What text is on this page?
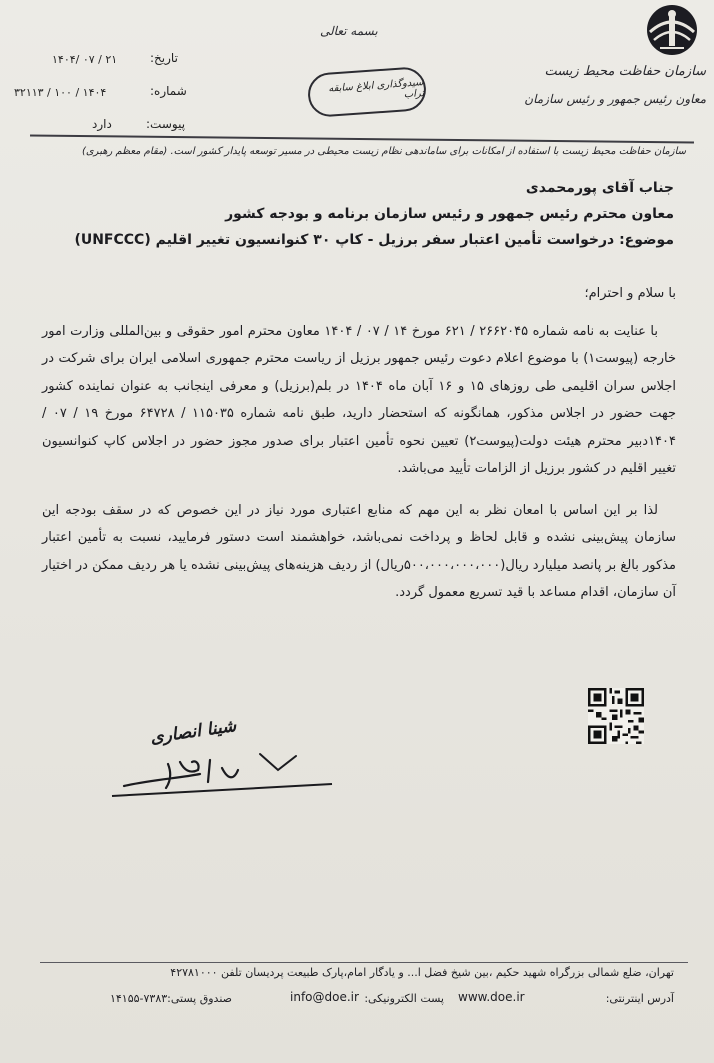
سازمان حفاظت محیط زیست
معاون رئیس جمهور و رئیس سازمان
بسمه تعالی
سیدوگذاری ابلاغ سابقه تراب
تاریخ:
۱۴۰۴/ ۰۷ / ۲۱
شماره:
۳۲۱۱۳ / ۱۰۰ / ۱۴۰۴
پیوست:
دارد
سازمان حفاظت محیط زیست با استفاده از امکانات برای ساماندهی نظام زیست محیطی در مسیر توسعه پایدار کشور است. (مقام معظم رهبری)
جناب آقای پورمحمدی
معاون محترم رئیس جمهور و رئیس سازمان برنامه و بودجه کشور
موضوع: درخواست تأمین اعتبار سفر برزیل - کاپ ۳۰ کنوانسیون تغییر اقلیم (UNFCCC)

با سلام و احترام؛

با عنایت به نامه شماره ۲۶۶۲۰۴۵ / ۶۲۱ مورخ ۱۴ / ۰۷ / ۱۴۰۴ معاون محترم امور حقوقی و بین‌المللی وزارت امور خارجه (پیوست۱) با موضوع اعلام دعوت رئیس جمهور برزیل از ریاست محترم جمهوری اسلامی ایران برای شرکت در اجلاس سران اقلیمی طی روزهای ۱۵ و ۱۶ آبان ماه ۱۴۰۴ در بلم(برزیل) و معرفی اینجانب به عنوان نماینده کشور جهت حضور در اجلاس مذکور، همانگونه که استحضار دارید، طبق نامه شماره ۱۱۵۰۳۵ / ۶۴۷۲۸ مورخ ۱۹ / ۰۷ / ۱۴۰۴دبیر محترم هیئت دولت(پیوست۲) تعیین نحوه تأمین اعتبار برای صدور مجوز حضور در اجلاس کاپ کنوانسیون تغییر اقلیم در کشور برزیل از الزامات تأیید می‌باشد.

لذا بر این اساس با امعان نظر به این مهم که منابع اعتباری مورد نیاز در این خصوص که در سقف بودجه این سازمان پیش‌بینی نشده و قابل لحاظ و پرداخت نمی‌باشد، خواهشمند است دستور فرمایید، نسبت به تأمین اعتبار مذکور بالغ بر پانصد میلیارد ریال(۵۰۰،۰۰۰،۰۰۰،۰۰۰ریال) از ردیف هزینه‌های پیش‌بینی نشده یا هر ردیف ممکن در اختیار آن سازمان، اقدام مساعد با قید تسریع معمول گردد.

شینا انصاری
تهران، ضلع شمالی بزرگراه شهید حکیم ،بین شیخ فضل ا... و یادگار امام،پارک طبیعت پردیسان تلفن ۴۲۷۸۱۰۰۰
آدرس اینترنتی:
www.doe.ir
پست الکترونیکی:
info@doe.ir
صندوق پستی:۷۳۸۳-۱۴۱۵۵
